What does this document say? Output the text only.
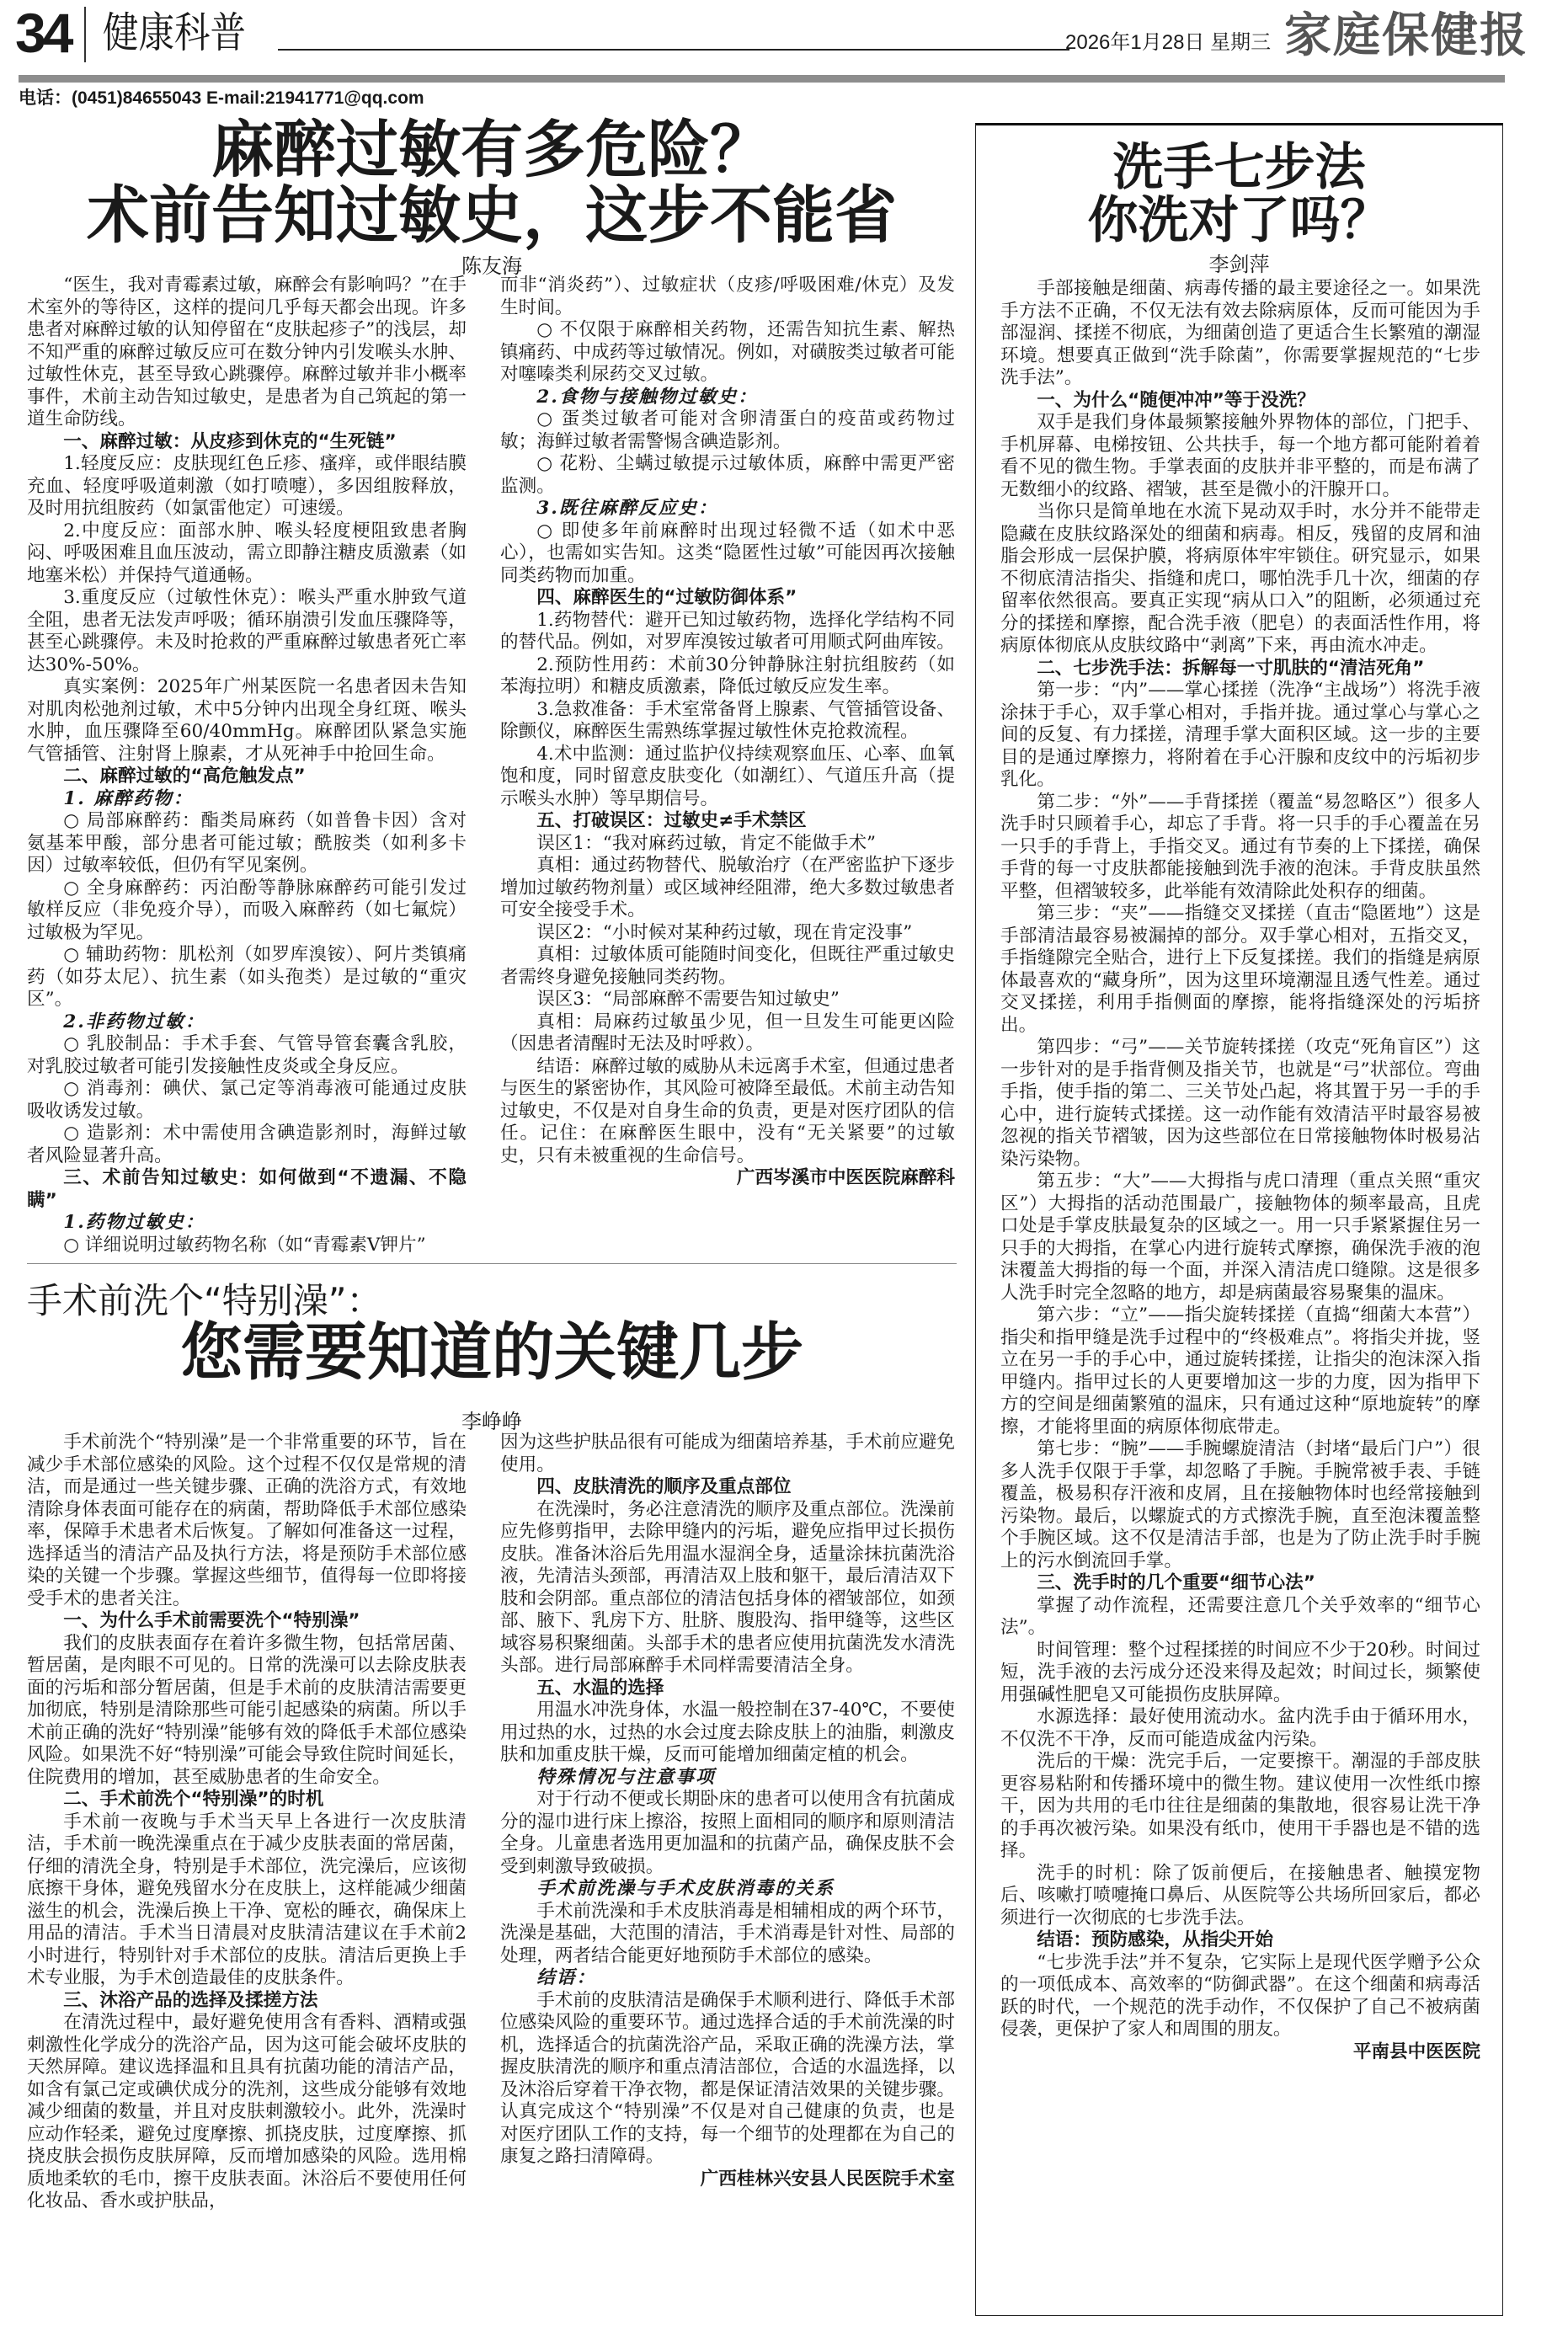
34 健康科普	2026年1月28日 星期三 家庭保健报
电话：(0451)84655043 E-mail:21941771@qq.com
麻醉过敏有多危险？
术前告知过敏史，这步不能省
陈友海

“医生，我对青霉素过敏，麻醉会有影响吗？”在手术室外的等待区，这样的提问几乎每天都会出现。许多患者对麻醉过敏的认知停留在“皮肤起疹子”的浅层，却不知严重的麻醉过敏反应可在数分钟内引发喉头水肿、过敏性休克，甚至导致心跳骤停。麻醉过敏并非小概率事件，术前主动告知过敏史，是患者为自己筑起的第一道生命防线。

一、麻醉过敏：从皮疹到休克的“生死链”

1.轻度反应：皮肤现红色丘疹、瘙痒，或伴眼结膜充血、轻度呼吸道刺激（如打喷嚏），多因组胺释放，及时用抗组胺药（如氯雷他定）可速缓。

2.中度反应：面部水肿、喉头轻度梗阻致患者胸闷、呼吸困难且血压波动，需立即静注糖皮质激素（如地塞米松）并保持气道通畅。

3.重度反应（过敏性休克）：喉头严重水肿致气道全阻，患者无法发声呼吸；循环崩溃引发血压骤降等，甚至心跳骤停。未及时抢救的严重麻醉过敏患者死亡率达30%-50%。

真实案例：2025年广州某医院一名患者因未告知对肌肉松弛剂过敏，术中5分钟内出现全身红斑、喉头水肿，血压骤降至60/40mmHg。麻醉团队紧急实施气管插管、注射肾上腺素，才从死神手中抢回生命。

二、麻醉过敏的“高危触发点”

1. 麻醉药物：

○ 局部麻醉药：酯类局麻药（如普鲁卡因）含对氨基苯甲酸，部分患者可能过敏；酰胺类（如利多卡因）过敏率较低，但仍有罕见案例。

○ 全身麻醉药：丙泊酚等静脉麻醉药可能引发过敏样反应（非免疫介导），而吸入麻醉药（如七氟烷）过敏极为罕见。

○ 辅助药物：肌松剂（如罗库溴铵）、阿片类镇痛药（如芬太尼）、抗生素（如头孢类）是过敏的“重灾区”。

2.非药物过敏：

○ 乳胶制品：手术手套、气管导管套囊含乳胶，对乳胶过敏者可能引发接触性皮炎或全身反应。

○ 消毒剂：碘伏、氯己定等消毒液可能通过皮肤吸收诱发过敏。

○ 造影剂：术中需使用含碘造影剂时，海鲜过敏者风险显著升高。

三、术前告知过敏史：如何做到“不遗漏、不隐瞒”

1.药物过敏史：

○ 详细说明过敏药物名称（如“青霉素V钾片”

而非“消炎药”）、过敏症状（皮疹/呼吸困难/休克）及发生时间。

○ 不仅限于麻醉相关药物，还需告知抗生素、解热镇痛药、中成药等过敏情况。例如，对磺胺类过敏者可能对噻嗪类利尿药交叉过敏。

2.食物与接触物过敏史：

○ 蛋类过敏者可能对含卵清蛋白的疫苗或药物过敏；海鲜过敏者需警惕含碘造影剂。

○ 花粉、尘螨过敏提示过敏体质，麻醉中需更严密监测。

3.既往麻醉反应史：

○ 即使多年前麻醉时出现过轻微不适（如术中恶心），也需如实告知。这类“隐匿性过敏”可能因再次接触同类药物而加重。

四、麻醉医生的“过敏防御体系”

1.药物替代：避开已知过敏药物，选择化学结构不同的替代品。例如，对罗库溴铵过敏者可用顺式阿曲库铵。

2.预防性用药：术前30分钟静脉注射抗组胺药（如苯海拉明）和糖皮质激素，降低过敏反应发生率。

3.急救准备：手术室常备肾上腺素、气管插管设备、除颤仪，麻醉医生需熟练掌握过敏性休克抢救流程。

4.术中监测：通过监护仪持续观察血压、心率、血氧饱和度，同时留意皮肤变化（如潮红）、气道压升高（提示喉头水肿）等早期信号。

五、打破误区：过敏史≠手术禁区

误区1：“我对麻药过敏，肯定不能做手术”

真相：通过药物替代、脱敏治疗（在严密监护下逐步增加过敏药物剂量）或区域神经阻滞，绝大多数过敏患者可安全接受手术。

误区2：“小时候对某种药过敏，现在肯定没事”

真相：过敏体质可能随时间变化，但既往严重过敏史者需终身避免接触同类药物。

误区3：“局部麻醉不需要告知过敏史”

真相：局麻药过敏虽少见，但一旦发生可能更凶险（因患者清醒时无法及时呼救）。

结语：麻醉过敏的威胁从未远离手术室，但通过患者与医生的紧密协作，其风险可被降至最低。术前主动告知过敏史，不仅是对自身生命的负责，更是对医疗团队的信任。记住：在麻醉医生眼中，没有“无关紧要”的过敏史，只有未被重视的生命信号。

广西岑溪市中医医院麻醉科

手术前洗个“特别澡”：
您需要知道的关键几步
李峥峥

手术前洗个“特别澡”是一个非常重要的环节，旨在减少手术部位感染的风险。这个过程不仅仅是常规的清洁，而是通过一些关键步骤、正确的洗浴方式，有效地清除身体表面可能存在的病菌，帮助降低手术部位感染率，保障手术患者术后恢复。了解如何准备这一过程，选择适当的清洁产品及执行方法，将是预防手术部位感染的关键一个步骤。掌握这些细节，值得每一位即将接受手术的患者关注。

一、为什么手术前需要洗个“特别澡”

我们的皮肤表面存在着许多微生物，包括常居菌、暂居菌，是肉眼不可见的。日常的洗澡可以去除皮肤表面的污垢和部分暂居菌，但是手术前的皮肤清洁需要更加彻底，特别是清除那些可能引起感染的病菌。所以手术前正确的洗好“特别澡”能够有效的降低手术部位感染风险。如果洗不好“特别澡”可能会导致住院时间延长，住院费用的增加，甚至威胁患者的生命安全。

二、手术前洗个“特别澡”的时机

手术前一夜晚与手术当天早上各进行一次皮肤清洁，手术前一晚洗澡重点在于减少皮肤表面的常居菌，仔细的清洗全身，特别是手术部位，洗完澡后，应该彻底擦干身体，避免残留水分在皮肤上，这样能减少细菌滋生的机会，洗澡后换上干净、宽松的睡衣，确保床上用品的清洁。手术当日清晨对皮肤清洁建议在手术前2小时进行，特别针对手术部位的皮肤。清洁后更换上手术专业服，为手术创造最佳的皮肤条件。

三、沐浴产品的选择及揉搓方法

在清洗过程中，最好避免使用含有香料、酒精或强刺激性化学成分的洗浴产品，因为这可能会破坏皮肤的天然屏障。建议选择温和且具有抗菌功能的清洁产品，如含有氯己定或碘伏成分的洗剂，这些成分能够有效地减少细菌的数量，并且对皮肤刺激较小。此外，洗澡时应动作轻柔，避免过度摩擦、抓挠皮肤，过度摩擦、抓挠皮肤会损伤皮肤屏障，反而增加感染的风险。选用棉质地柔软的毛巾，擦干皮肤表面。沐浴后不要使用任何化妆品、香水或护肤品，

因为这些护肤品很有可能成为细菌培养基，手术前应避免使用。

四、皮肤清洗的顺序及重点部位

在洗澡时，务必注意清洗的顺序及重点部位。洗澡前应先修剪指甲，去除甲缝内的污垢，避免应指甲过长损伤皮肤。准备沐浴后先用温水湿润全身，适量涂抹抗菌洗浴液，先清洁头颈部，再清洁双上肢和躯干，最后清洁双下肢和会阴部。重点部位的清洁包括身体的褶皱部位，如颈部、腋下、乳房下方、肚脐、腹股沟、指甲缝等，这些区域容易积聚细菌。头部手术的患者应使用抗菌洗发水清洗头部。进行局部麻醉手术同样需要清洁全身。

五、水温的选择

用温水冲洗身体，水温一般控制在37-40℃，不要使用过热的水，过热的水会过度去除皮肤上的油脂，刺激皮肤和加重皮肤干燥，反而可能增加细菌定植的机会。

特殊情况与注意事项

对于行动不便或长期卧床的患者可以使用含有抗菌成分的湿巾进行床上擦浴，按照上面相同的顺序和原则清洁全身。儿童患者选用更加温和的抗菌产品，确保皮肤不会受到刺激导致破损。

手术前洗澡与手术皮肤消毒的关系

手术前洗澡和手术皮肤消毒是相辅相成的两个环节，洗澡是基础，大范围的清洁，手术消毒是针对性、局部的处理，两者结合能更好地预防手术部位的感染。

结语：

手术前的皮肤清洁是确保手术顺利进行、降低手术部位感染风险的重要环节。通过选择合适的手术前洗澡的时机，选择适合的抗菌洗浴产品，采取正确的洗澡方法，掌握皮肤清洗的顺序和重点清洁部位，合适的水温选择，以及沐浴后穿着干净衣物，都是保证清洁效果的关键步骤。认真完成这个“特别澡”不仅是对自己健康的负责，也是对医疗团队工作的支持，每一个细节的处理都在为自己的康复之路扫清障碍。

广西桂林兴安县人民医院手术室

洗手七步法
你洗对了吗？
李剑萍

手部接触是细菌、病毒传播的最主要途径之一。如果洗手方法不正确，不仅无法有效去除病原体，反而可能因为手部湿润、揉搓不彻底，为细菌创造了更适合生长繁殖的潮湿环境。想要真正做到“洗手除菌”，你需要掌握规范的“七步洗手法”。

一、为什么“随便冲冲”等于没洗？

双手是我们身体最频繁接触外界物体的部位，门把手、手机屏幕、电梯按钮、公共扶手，每一个地方都可能附着着看不见的微生物。手掌表面的皮肤并非平整的，而是布满了无数细小的纹路、褶皱，甚至是微小的汗腺开口。

当你只是简单地在水流下晃动双手时，水分并不能带走隐藏在皮肤纹路深处的细菌和病毒。相反，残留的皮屑和油脂会形成一层保护膜，将病原体牢牢锁住。研究显示，如果不彻底清洁指尖、指缝和虎口，哪怕洗手几十次，细菌的存留率依然很高。要真正实现“病从口入”的阻断，必须通过充分的揉搓和摩擦，配合洗手液（肥皂）的表面活性作用，将病原体彻底从皮肤纹路中“剥离”下来，再由流水冲走。

二、七步洗手法：拆解每一寸肌肤的“清洁死角”

第一步：“内”——掌心揉搓（洗净“主战场”）将洗手液涂抹于手心，双手掌心相对，手指并拢。通过掌心与掌心之间的反复、有力揉搓，清理手掌大面积区域。这一步的主要目的是通过摩擦力，将附着在手心汗腺和皮纹中的污垢初步乳化。

第二步：“外”——手背揉搓（覆盖“易忽略区”）很多人洗手时只顾着手心，却忘了手背。将一只手的手心覆盖在另一只手的手背上，手指交叉。通过有节奏的上下揉搓，确保手背的每一寸皮肤都能接触到洗手液的泡沫。手背皮肤虽然平整，但褶皱较多，此举能有效清除此处积存的细菌。

第三步：“夹”——指缝交叉揉搓（直击“隐匿地”）这是手部清洁最容易被漏掉的部分。双手掌心相对，五指交叉，手指缝隙完全贴合，进行上下反复揉搓。我们的指缝是病原体最喜欢的“藏身所”，因为这里环境潮湿且透气性差。通过交叉揉搓，利用手指侧面的摩擦，能将指缝深处的污垢挤出。

第四步：“弓”——关节旋转揉搓（攻克“死角盲区”）这一步针对的是手指背侧及指关节，也就是“弓”状部位。弯曲手指，使手指的第二、三关节处凸起，将其置于另一手的手心中，进行旋转式揉搓。这一动作能有效清洁平时最容易被忽视的指关节褶皱，因为这些部位在日常接触物体时极易沾染污染物。

第五步：“大”——大拇指与虎口清理（重点关照“重灾区”）大拇指的活动范围最广，接触物体的频率最高，且虎口处是手掌皮肤最复杂的区域之一。用一只手紧紧握住另一只手的大拇指，在掌心内进行旋转式摩擦，确保洗手液的泡沫覆盖大拇指的每一个面，并深入清洁虎口缝隙。这是很多人洗手时完全忽略的地方，却是病菌最容易聚集的温床。

第六步：“立”——指尖旋转揉搓（直捣“细菌大本营”）指尖和指甲缝是洗手过程中的“终极难点”。将指尖并拢，竖立在另一手的手心中，通过旋转揉搓，让指尖的泡沫深入指甲缝内。指甲过长的人更要增加这一步的力度，因为指甲下方的空间是细菌繁殖的温床，只有通过这种“原地旋转”的摩擦，才能将里面的病原体彻底带走。

第七步：“腕”——手腕螺旋清洁（封堵“最后门户”）很多人洗手仅限于手掌，却忽略了手腕。手腕常被手表、手链覆盖，极易积存汗液和皮屑，且在接触物体时也经常接触到污染物。最后，以螺旋式的方式擦洗手腕，直至泡沫覆盖整个手腕区域。这不仅是清洁手部，也是为了防止洗手时手腕上的污水倒流回手掌。

三、洗手时的几个重要“细节心法”

掌握了动作流程，还需要注意几个关乎效率的“细节心法”。

时间管理：整个过程揉搓的时间应不少于20秒。时间过短，洗手液的去污成分还没来得及起效；时间过长，频繁使用强碱性肥皂又可能损伤皮肤屏障。

水源选择：最好使用流动水。盆内洗手由于循环用水，不仅洗不干净，反而可能造成盆内污染。

洗后的干燥：洗完手后，一定要擦干。潮湿的手部皮肤更容易粘附和传播环境中的微生物。建议使用一次性纸巾擦干，因为共用的毛巾往往是细菌的集散地，很容易让洗干净的手再次被污染。如果没有纸巾，使用干手器也是不错的选择。

洗手的时机：除了饭前便后，在接触患者、触摸宠物后、咳嗽打喷嚏掩口鼻后、从医院等公共场所回家后，都必须进行一次彻底的七步洗手法。

结语：预防感染，从指尖开始

“七步洗手法”并不复杂，它实际上是现代医学赠予公众的一项低成本、高效率的“防御武器”。在这个细菌和病毒活跃的时代，一个规范的洗手动作，不仅保护了自己不被病菌侵袭，更保护了家人和周围的朋友。

平南县中医医院
